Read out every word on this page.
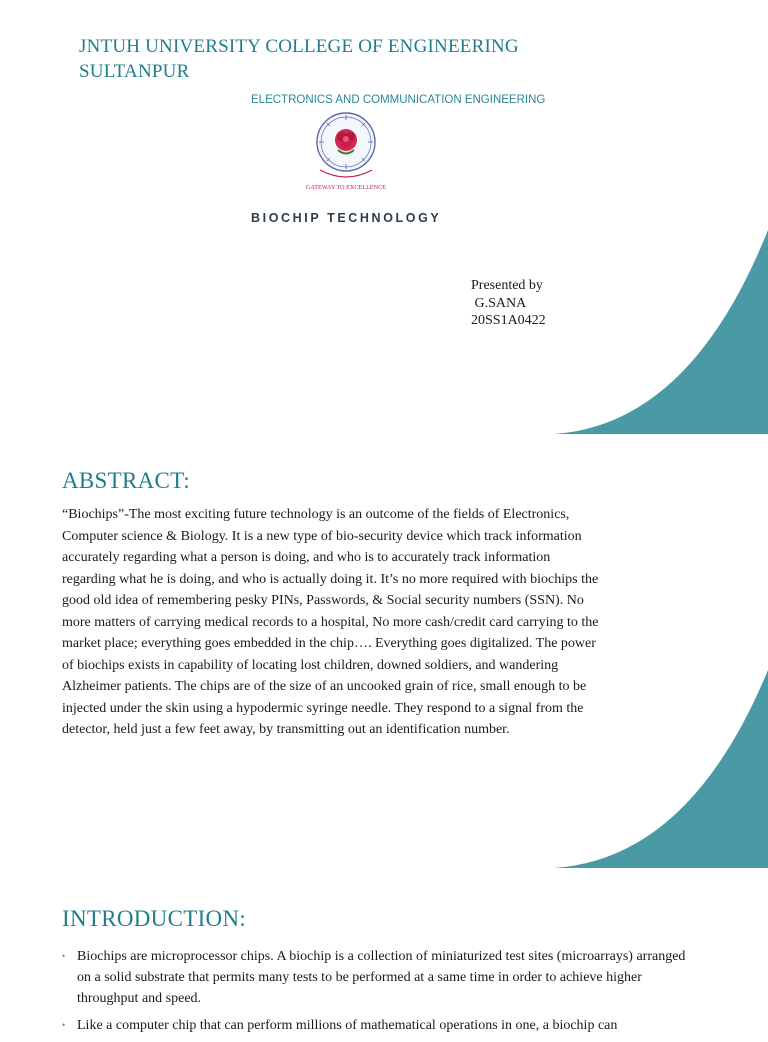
JNTUH UNIVERSITY COLLEGE OF ENGINEERING SULTANPUR
ELECTRONICS AND COMMUNICATION ENGINEERING
GATEWAY TO EXCELLENCE
BIOCHIP TECHNOLOGY
Presented by
G.SANA
20SS1A0422
ABSTRACT:
“Biochips”-The most exciting future technology is an outcome of the fields of Electronics, Computer science & Biology. It is a new type of bio-security device which track information accurately regarding what a person is doing, and who is to accurately track information regarding what he is doing, and who is actually doing it. It’s no more required with biochips the good old idea of remembering pesky PINs, Passwords, & Social security numbers (SSN). No more matters of carrying medical records to a hospital, No more cash/credit card carrying to the market place; everything goes embedded in the chip…. Everything goes digitalized. The power of biochips exists in capability of locating lost children, downed soldiers, and wandering Alzheimer patients. The chips are of the size of an uncooked grain of rice, small enough to be injected under the skin using a hypodermic syringe needle. They respond to a signal from the detector, held just a few feet away, by transmitting out an identification number.
INTRODUCTION:
• Biochips are microprocessor chips. A biochip is a collection of miniaturized test sites (microarrays) arranged on a solid substrate that permits many tests to be performed at a same time in order to achieve higher throughput and speed.
• Like a computer chip that can perform millions of mathematical operations in one, a biochip can
